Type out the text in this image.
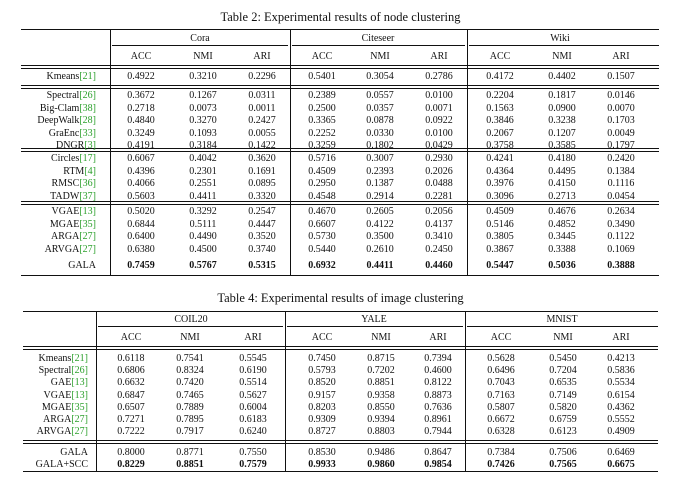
Table 2: Experimental results of node clustering
Cora	Citeseer	Wiki
ACC	NMI	ARI	ACC	NMI	ARI	ACC	NMI	ARI
Kmeans[21]	0.4922	0.3210	0.2296	0.5401	0.3054	0.2786	0.4172	0.4402	0.1507
Spectral[26]	0.3672	0.1267	0.0311	0.2389	0.0557	0.0100	0.2204	0.1817	0.0146
Big-Clam[38]	0.2718	0.0073	0.0011	0.2500	0.0357	0.0071	0.1563	0.0900	0.0070
DeepWalk[28]	0.4840	0.3270	0.2427	0.3365	0.0878	0.0922	0.3846	0.3238	0.1703
GraEnc[33]	0.3249	0.1093	0.0055	0.2252	0.0330	0.0100	0.2067	0.1207	0.0049
DNGR[3]	0.4191	0.3184	0.1422	0.3259	0.1802	0.0429	0.3758	0.3585	0.1797
Circles[17]	0.6067	0.4042	0.3620	0.5716	0.3007	0.2930	0.4241	0.4180	0.2420
RTM[4]	0.4396	0.2301	0.1691	0.4509	0.2393	0.2026	0.4364	0.4495	0.1384
RMSC[36]	0.4066	0.2551	0.0895	0.2950	0.1387	0.0488	0.3976	0.4150	0.1116
TADW[37]	0.5603	0.4411	0.3320	0.4548	0.2914	0.2281	0.3096	0.2713	0.0454
VGAE[13]	0.5020	0.3292	0.2547	0.4670	0.2605	0.2056	0.4509	0.4676	0.2634
MGAE[35]	0.6844	0.5111	0.4447	0.6607	0.4122	0.4137	0.5146	0.4852	0.3490
ARGA[27]	0.6400	0.4490	0.3520	0.5730	0.3500	0.3410	0.3805	0.3445	0.1122
ARVGA[27]	0.6380	0.4500	0.3740	0.5440	0.2610	0.2450	0.3867	0.3388	0.1069
GALA	0.7459	0.5767	0.5315	0.6932	0.4411	0.4460	0.5447	0.5036	0.3888
Table 4: Experimental results of image clustering
COIL20	YALE	MNIST
ACC	NMI	ARI	ACC	NMI	ARI	ACC	NMI	ARI
Kmeans[21]	0.6118	0.7541	0.5545	0.7450	0.8715	0.7394	0.5628	0.5450	0.4213
Spectral[26]	0.6806	0.8324	0.6190	0.5793	0.7202	0.4600	0.6496	0.7204	0.5836
GAE[13]	0.6632	0.7420	0.5514	0.8520	0.8851	0.8122	0.7043	0.6535	0.5534
VGAE[13]	0.6847	0.7465	0.5627	0.9157	0.9358	0.8873	0.7163	0.7149	0.6154
MGAE[35]	0.6507	0.7889	0.6004	0.8203	0.8550	0.7636	0.5807	0.5820	0.4362
ARGA[27]	0.7271	0.7895	0.6183	0.9309	0.9394	0.8961	0.6672	0.6759	0.5552
ARVGA[27]	0.7222	0.7917	0.6240	0.8727	0.8803	0.7944	0.6328	0.6123	0.4909
GALA	0.8000	0.8771	0.7550	0.8530	0.9486	0.8647	0.7384	0.7506	0.6469
GALA+SCC	0.8229	0.8851	0.7579	0.9933	0.9860	0.9854	0.7426	0.7565	0.6675
